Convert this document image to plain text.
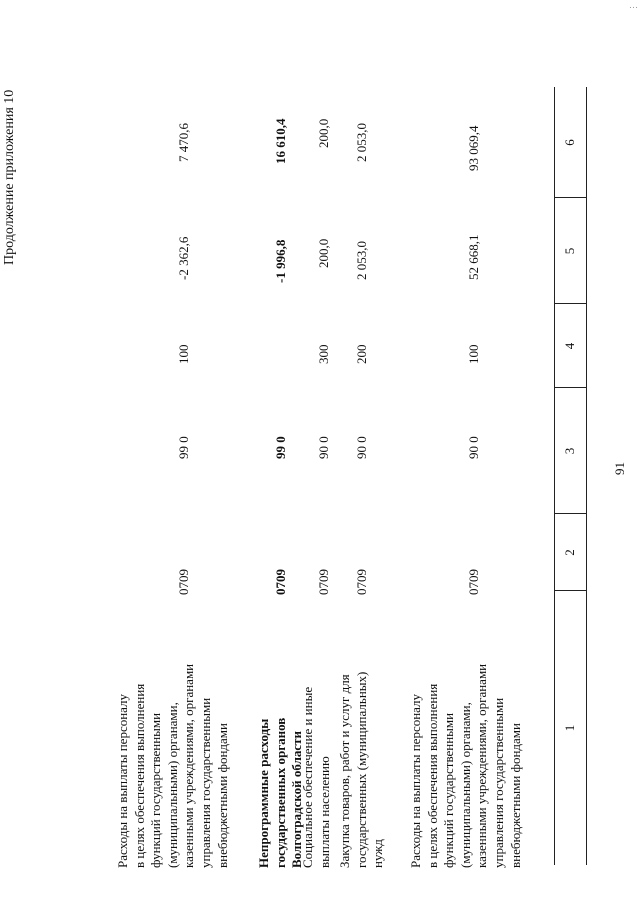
…
91
Продолжение приложения 10
1
2
3
4
5
6
Расходы на выплаты персоналу в целях обеспечения выполнения функций государственными (муниципальными) органами, казенными учреждениями, органами управления государственными внебюджетными фондами
0709
90 0
100
52 668,1
93 069,4
Закупка товаров, работ и услуг для государственных (муниципальных) нужд
0709
90 0
200
2 053,0
2 053,0
Социальное обеспечение и иные выплаты населению
0709
90 0
300
200,0
200,0
Непрограммные расходы государственных органов Волгоградской области
0709
99 0
-1 996,8
16 610,4
Расходы на выплаты персоналу в целях обеспечения выполнения функций государственными (муниципальными) органами, казенными учреждениями, органами управления государственными внебюджетными фондами
0709
99 0
100
-2 362,6
7 470,6
